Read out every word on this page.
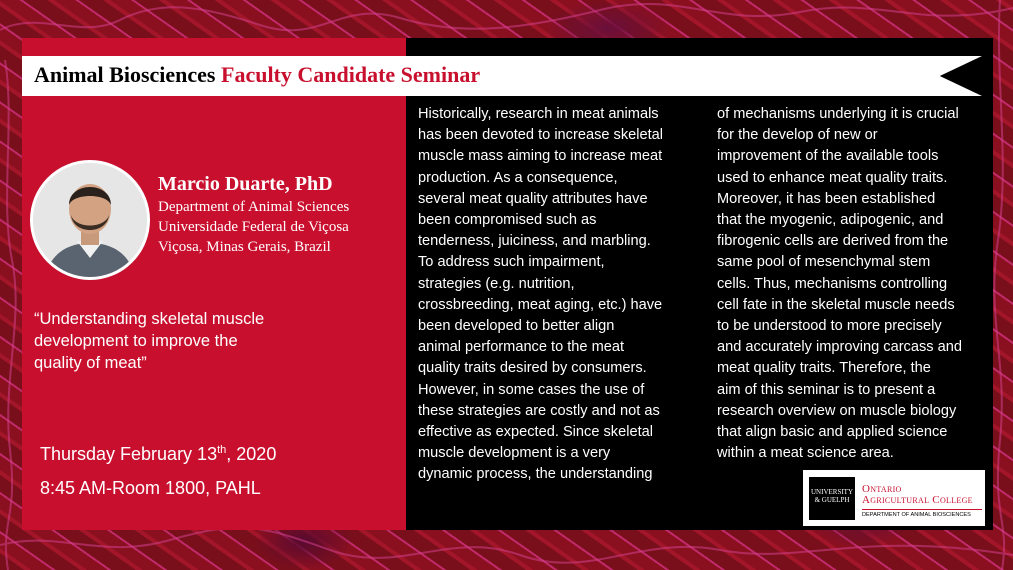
Animal Biosciences Faculty Candidate Seminar
Marcio Duarte, PhD
Department of Animal Sciences
Universidade Federal de Viçosa
Viçosa, Minas Gerais, Brazil
“Understanding skeletal muscle
development to improve the
quality of meat”
Thursday February 13th, 2020
8:45 AM-Room 1800, PAHL
Historically, research in meat animals
has been devoted to increase skeletal
muscle mass aiming to increase meat
production. As a consequence,
several meat quality attributes have
been compromised such as
tenderness, juiciness, and marbling.
To address such impairment,
strategies (e.g. nutrition,
crossbreeding, meat aging, etc.) have
been developed to better align
animal performance to the meat
quality traits desired by consumers.
However, in some cases the use of
these strategies are costly and not as
effective as expected. Since skeletal
muscle development is a very
dynamic process, the understanding
of mechanisms underlying it is crucial
for the develop of new or
improvement of the available tools
used to enhance meat quality traits.
Moreover, it has been established
that the myogenic, adipogenic, and
fibrogenic cells are derived from the
same pool of mesenchymal stem
cells. Thus, mechanisms controlling
cell fate in the skeletal muscle needs
to be understood to more precisely
and accurately improving carcass and
meat quality traits. Therefore, the
aim of this seminar is to present a
research overview on muscle biology
that align basic and applied science
within a meat science area.
UNIVERSITY & GUELPH
Ontario
Agricultural College
DEPARTMENT OF ANIMAL BIOSCIENCES
